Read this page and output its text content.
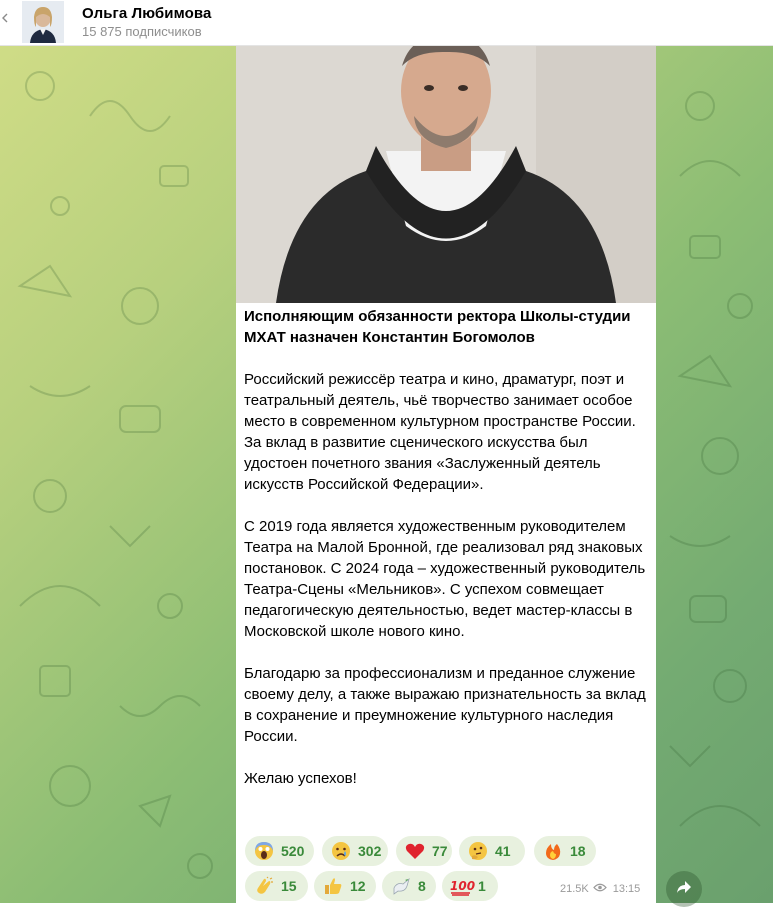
Ольга Любимова
15 875 подписчиков
Исполняющим обязанности ректора Школы-студии МХАТ назначен Константин Богомолов
Российский режиссёр театра и кино, драматург, поэт и театральный деятель, чьё творчество занимает особое место в современном культурном пространстве России. За вклад в развитие сценического искусства был удостоен почетного звания «Заслуженный деятель искусств Российской Федерации».
С 2019 года является художественным руководителем Театра на Малой Бронной, где реализовал ряд знаковых постановок. С 2024 года – художественный руководитель Театра-Сцены «Мельников». С успехом совмещает педагогическую деятельностью, ведет мастер-классы в Московской школе нового кино.
Благодарю за профессионализм и преданное служение своему делу, а также выражаю признательность за вклад в сохранение и преумножение культурного наследия России.
Желаю успехов!
520	302	77	41	18
15	12	8 100 1	21.5K 13:15
